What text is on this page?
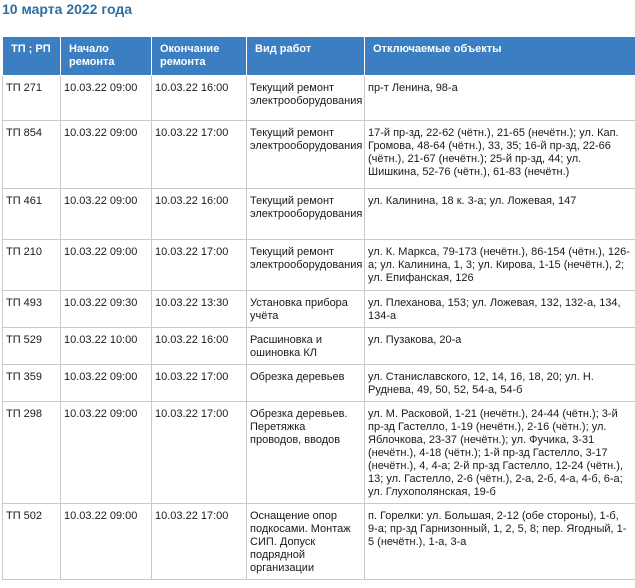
10 марта 2022 года
ТП ; РП	Начало ремонта	Окончание ремонта	Вид работ	Отключаемые объекты
ТП 271	10.03.22 09:00	10.03.22 16:00	Текущий ремонт электрооборудования	пр-т Ленина, 98-а
ТП 854	10.03.22 09:00	10.03.22 17:00	Текущий ремонт электрооборудования	17-й пр-зд, 22-62 (чётн.), 21-65 (нечётн.); ул. Кап. Громова, 48-64 (чётн.), 33, 35; 16-й пр-зд, 22-66 (чётн.), 21-67 (нечётн.); 25-й пр-зд, 44; ул. Шишкина, 52-76 (чётн.), 61-83 (нечётн.)
ТП 461	10.03.22 09:00	10.03.22 16:00	Текущий ремонт электрооборудования	ул. Калинина, 18 к. 3-а; ул. Ложевая, 147
ТП 210	10.03.22 09:00	10.03.22 17:00	Текущий ремонт электрооборудования	ул. К. Маркса, 79-173 (нечётн.), 86-154 (чётн.), 126-а; ул. Калинина, 1, 3; ул. Кирова, 1-15 (нечётн.), 2; ул. Епифанская, 126
ТП 493	10.03.22 09:30	10.03.22 13:30	Установка прибора учёта	ул. Плеханова, 153; ул. Ложевая, 132, 132-а, 134, 134-а
ТП 529	10.03.22 10:00	10.03.22 16:00	Расшиновка и ошиновка КЛ	ул. Пузакова, 20-а
ТП 359	10.03.22 09:00	10.03.22 17:00	Обрезка деревьев	ул. Станиславского, 12, 14, 16, 18, 20; ул. Н. Руднева, 49, 50, 52, 54-а, 54-б
ТП 298	10.03.22 09:00	10.03.22 17:00	Обрезка деревьев. Перетяжка проводов, вводов	ул. М. Расковой, 1-21 (нечётн.), 24-44 (чётн.); 3-й пр-зд Гастелло, 1-19 (нечётн.), 2-16 (чётн.); ул. Яблочкова, 23-37 (нечётн.); ул. Фучика, 3-31 (нечётн.), 4-18 (чётн.); 1-й пр-зд Гастелло, 3-17 (нечётн.), 4, 4-а; 2-й пр-зд Гастелло, 12-24 (чётн.), 13; ул. Гастелло, 2-6 (чётн.), 2-а, 2-б, 4-а, 4-б, 6-а; ул. Глухополянская, 19-б
ТП 502	10.03.22 09:00	10.03.22 17:00	Оснащение опор подкосами. Монтаж СИП. Допуск подрядной организации	п. Горелки: ул. Большая, 2-12 (обе стороны), 1-б, 9-а; пр-зд Гарнизонный, 1, 2, 5, 8; пер. Ягодный, 1-5 (нечётн.), 1-а, 3-а
